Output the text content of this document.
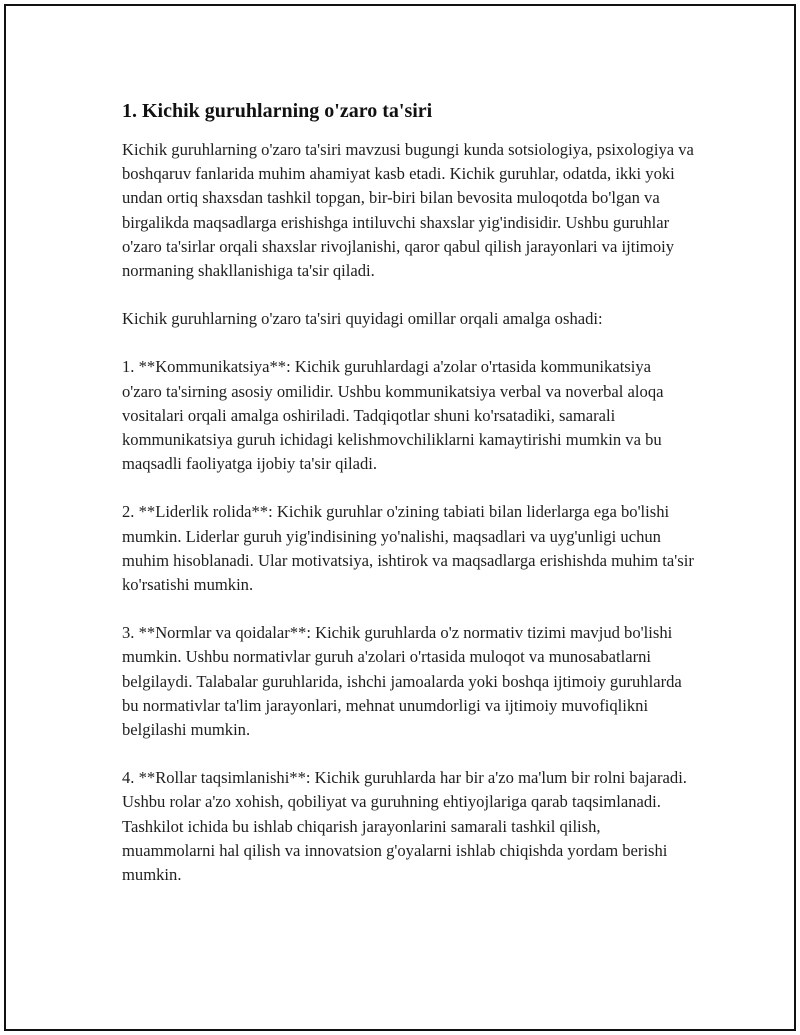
1. Kichik guruhlarning o'zaro ta'siri

Kichik guruhlarning o'zaro ta'siri mavzusi bugungi kunda sotsiologiya, psixologiya va boshqaruv fanlarida muhim ahamiyat kasb etadi. Kichik guruhlar, odatda, ikki yoki undan ortiq shaxsdan tashkil topgan, bir-biri bilan bevosita muloqotda bo'lgan va birgalikda maqsadlarga erishishga intiluvchi shaxslar yig'indisidir. Ushbu guruhlar o'zaro ta'sirlar orqali shaxslar rivojlanishi, qaror qabul qilish jarayonlari va ijtimoiy normaning shakllanishiga ta'sir qiladi.

Kichik guruhlarning o'zaro ta'siri quyidagi omillar orqali amalga oshadi:

1. **Kommunikatsiya**: Kichik guruhlardagi a'zolar o'rtasida kommunikatsiya o'zaro ta'sirning asosiy omilidir. Ushbu kommunikatsiya verbal va noverbal aloqa vositalari orqali amalga oshiriladi. Tadqiqotlar shuni ko'rsatadiki, samarali kommunikatsiya guruh ichidagi kelishmovchiliklarni kamaytirishi mumkin va bu maqsadli faoliyatga ijobiy ta'sir qiladi.

2. **Liderlik rolida**: Kichik guruhlar o'zining tabiati bilan liderlarga ega bo'lishi mumkin. Liderlar guruh yig'indisining yo'nalishi, maqsadlari va uyg'unligi uchun muhim hisoblanadi. Ular motivatsiya, ishtirok va maqsadlarga erishishda muhim ta'sir ko'rsatishi mumkin.

3. **Normlar va qoidalar**: Kichik guruhlarda o'z normativ tizimi mavjud bo'lishi mumkin. Ushbu normativlar guruh a'zolari o'rtasida muloqot va munosabatlarni belgilaydi. Talabalar guruhlarida, ishchi jamoalarda yoki boshqa ijtimoiy guruhlarda bu normativlar ta'lim jarayonlari, mehnat unumdorligi va ijtimoiy muvofiqlikni belgilashi mumkin.

4. **Rollar taqsimlanishi**: Kichik guruhlarda har bir a'zo ma'lum bir rolni bajaradi. Ushbu rolar a'zo xohish, qobiliyat va guruhning ehtiyojlariga qarab taqsimlanadi. Tashkilot ichida bu ishlab chiqarish jarayonlarini samarali tashkil qilish, muammolarni hal qilish va innovatsion g'oyalarni ishlab chiqishda yordam berishi mumkin.
